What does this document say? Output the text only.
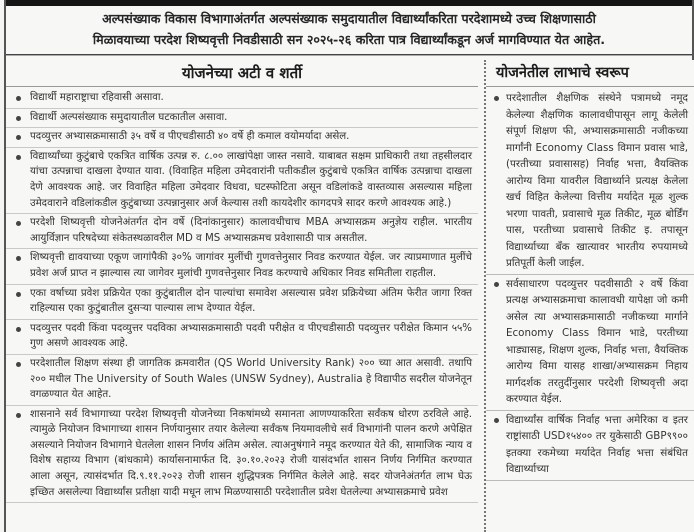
अल्पसंख्याक विकास विभागाअंतर्गत अल्पसंख्याक समुदायातील विद्यार्थ्यांकरिता परदेशामध्ये उच्च शिक्षणासाठी
मिळावयाच्या परदेश शिष्यवृत्ती निवडीसाठी सन २०२५-२६ करिता पात्र विद्यार्थ्यांकडून अर्ज मागविण्यात येत आहेत.
योजनेच्या अटी व शर्ती
विद्यार्थी महाराष्ट्राचा रहिवासी असावा.
विद्यार्थी अल्पसंख्याक समुदायातील घटकातील असावा.
पदव्युत्तर अभ्यासक्रमासाठी ३५ वर्षे व पीएचडीसाठी ४० वर्षे ही कमाल वयोमर्यादा असेल.
विद्यार्थ्यांच्या कुटुंबाचे एकत्रित वार्षिक उत्पन्न रु. ८.०० लाखांपेक्षा जास्त नसावे. याबाबत सक्षम प्राधिकारी तथा तहसीलदार यांचा उत्पन्नाचा दाखला देण्यात यावा. (विवाहित महिला उमेदवारांनी पतीकडील कुटुंबाचे एकत्रित वार्षिक उत्पन्नाचा दाखला देणे आवश्यक आहे. जर विवाहित महिला उमेदवार विधवा, घटस्फोटिता असून वडिलांकडे वास्तव्यास असल्यास महिला उमेदवाराने वडिलांकडील कुटुंबाच्या उत्पन्नानुसार अर्ज केल्यास तशी कायदेशीर कागदपत्रे सादर करणे आवश्यक आहे.)
परदेशी शिष्यवृत्ती योजनेअंतर्गत दोन वर्षे (दिनांकानुसार) कालावधीचाच MBA अभ्यासक्रम अनुज्ञेय राहील. भारतीय आयुर्विज्ञान परिषदेच्या संकेतस्थळावरील MD व MS अभ्यासक्रमच प्रवेशासाठी पात्र असतील.
शिष्यवृत्ती द्यावयाच्या एकूण जागांपैकी ३०% जागांवर मुलींची गुणवत्तेनुसार निवड करण्यात येईल. जर त्याप्रमाणात मुलींचे प्रवेश अर्ज प्राप्त न झाल्यास त्या जागेवर मुलांची गुणवत्तेनुसार निवड करण्याचे अधिकार निवड समितीला राहतील.
एका वर्षाच्या प्रवेश प्रक्रियेत एका कुटुंबातील दोन पाल्यांचा समावेश असल्यास प्रवेश प्रक्रियेच्या अंतिम फेरीत जागा रिक्त राहिल्यास एका कुटुंबातील दुसऱ्या पाल्यास लाभ देण्यात येईल.
पदव्युत्तर पदवी किंवा पदव्युत्तर पदविका अभ्यासक्रमासाठी पदवी परीक्षेत व पीएचडीसाठी पदव्युत्तर परीक्षेत किमान ५५% गुण असणे आवश्यक आहे.
परदेशातील शिक्षण संस्था ही जागतिक क्रमवारीत (QS World University Rank) २०० च्या आत असावी. तथापि २०० मधील The University of South Wales (UNSW Sydney), Australia हे विद्यापीठ सदरील योजनेतून वगळण्यात येत आहेत.
शासनाने सर्व विभागाच्या परदेश शिष्यवृत्ती योजनेच्या निकषांमध्ये समानता आणण्याकरिता सर्वंकष धोरण ठरविले आहे. त्यामुळे नियोजन विभागाच्या शासन निर्णयानुसार तयार केलेल्या सर्वंकष नियमावलीचे सर्व विभागांनी पालन करणे अपेक्षित असल्याने नियोजन विभागाने घेतलेला शासन निर्णय अंतिम असेल. त्याअनुषंगाने नमूद करण्यात येते की, सामाजिक न्याय व विशेष सहाय्य विभाग (बांधकामे) कार्यासनामार्फत दि. ३०.१०.२०२३ रोजी यासंदर्भात शासन निर्णय निर्गमित करण्यात आला असून, त्यासंदर्भात दि.९.११.२०२३ रोजी शासन शुद्धिपत्रक निर्गमित केलेले आहे. सदर योजनेअंतर्गत लाभ घेऊ इच्छित असलेल्या विद्यार्थ्यांस प्रतीक्षा यादी मधून लाभ मिळण्यासाठी परदेशातील प्रवेश घेतलेल्या अभ्यासक्रमाचे प्रवेश
योजनेतील लाभाचे स्वरूप
परदेशातील शैक्षणिक संस्थेने पत्रामध्ये नमूद केलेल्या शैक्षणिक कालावधीपासून लागू केलेली संपूर्ण शिक्षण फी, अभ्यासक्रमासाठी नजीकच्या मार्गांनी Economy Class विमान प्रवास भाडे, (परतीच्या प्रवासासह) निर्वाह भत्ता, वैयक्तिक आरोग्य विमा यावरील विद्यार्थ्याने प्रत्यक्ष केलेला खर्च विहित केलेल्या वित्तीय मर्यादेत मूळ शुल्क भरणा पावती, प्रवासाचे मूळ तिकीट, मूळ बोर्डिंग पास, परतीच्या प्रवासाचे तिकीट इ. तपासून विद्यार्थ्याच्या बँक खात्यावर भारतीय रुपयामध्ये प्रतिपूर्ती केली जाईल.
सर्वसाधारण पदव्युत्तर पदवीसाठी २ वर्षे किंवा प्रत्यक्ष अभ्यासक्रमाचा कालावधी यापेक्षा जो कमी असेल त्या अभ्यासक्रमासाठी नजीकच्या मार्गाने Economy Class विमान भाडे, परतीच्या भाड्यासह, शिक्षण शुल्क, निर्वाह भत्ता, वैयक्तिक आरोग्य विमा यासह शाखा/अभ्यासक्रम निहाय मार्गदर्शक तरतुदींनुसार परदेशी शिष्यवृत्ती अदा करण्यात येईल.
विद्यार्थ्यांस वार्षिक निर्वाह भत्ता अमेरिका व इतर राष्ट्रांसाठी USD१५४०० तर युकेसाठी GBP९९०० इतक्या रकमेच्या मर्यादेत निर्वाह भत्ता संबंधित विद्यार्थ्याच्या
